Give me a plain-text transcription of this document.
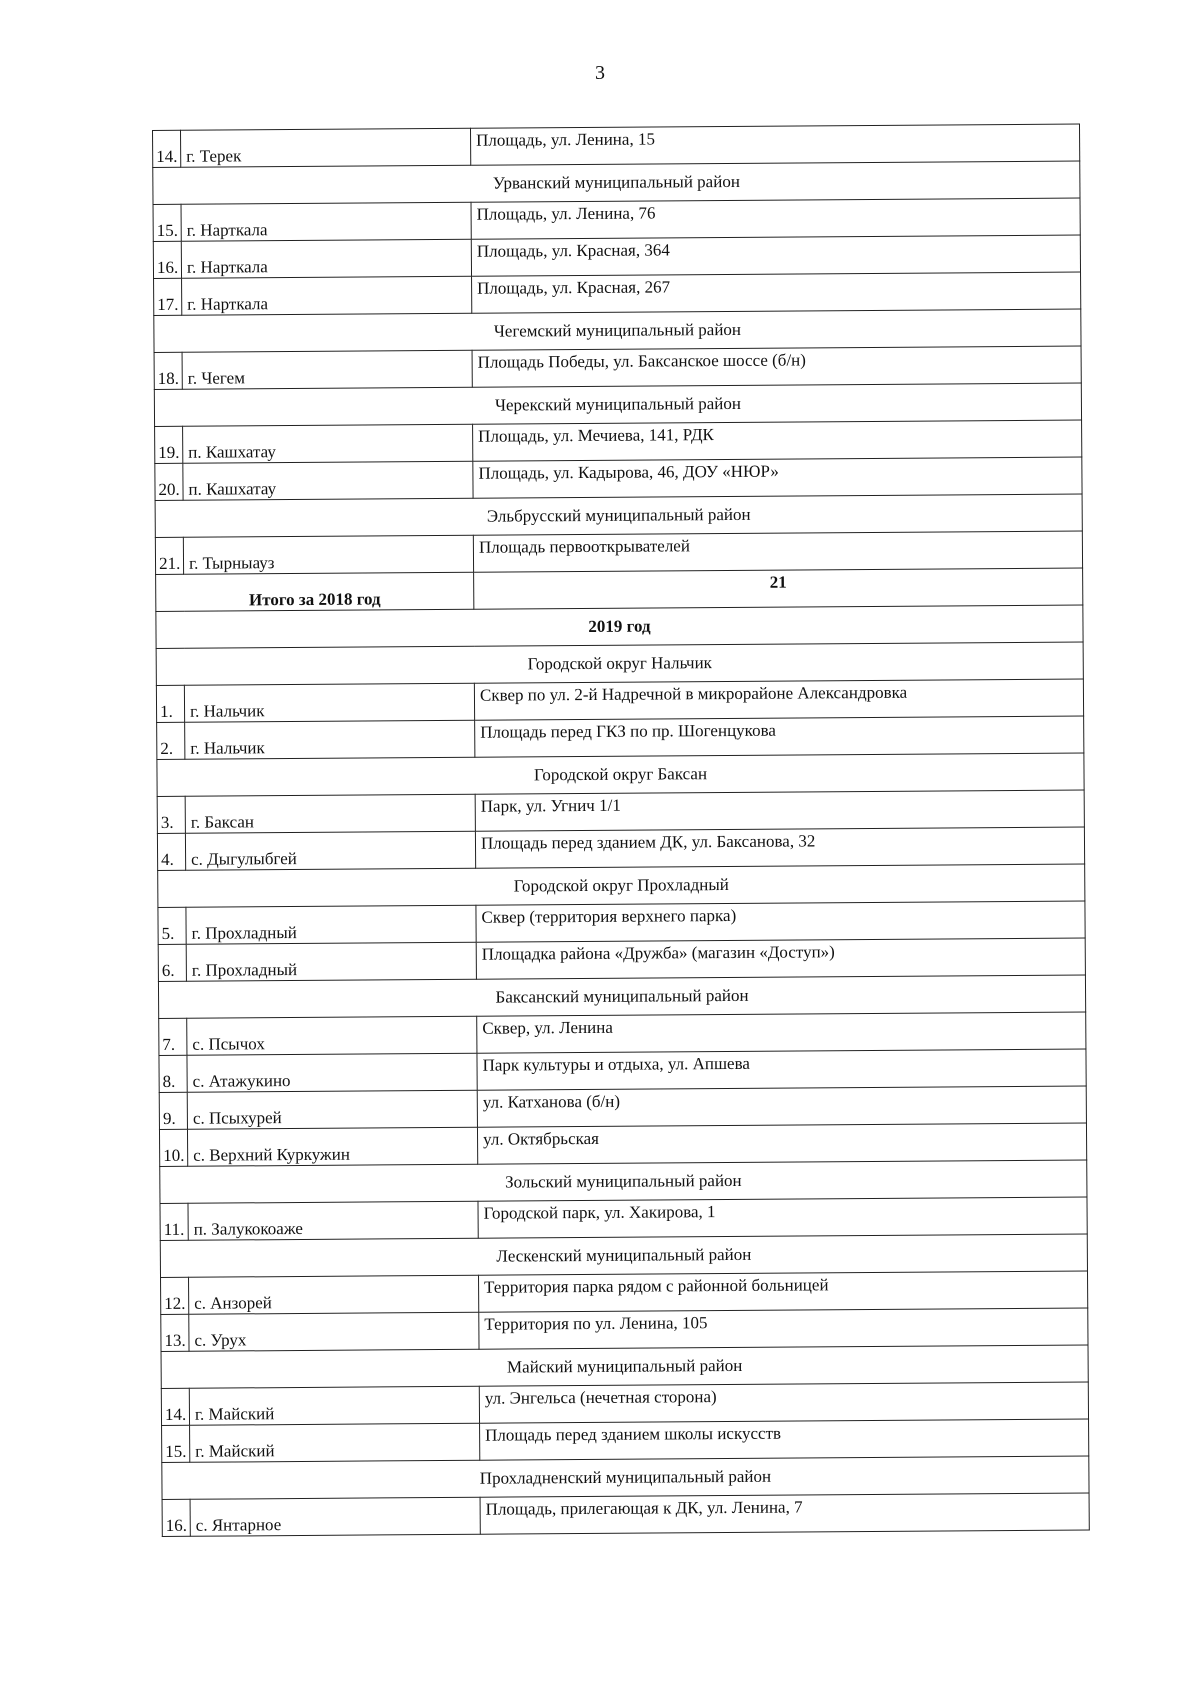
3
14.	г. Терек	Площадь, ул. Ленина, 15
Урванский муниципальный район		
15.	г. Нарткала	Площадь, ул. Ленина, 76
16.	г. Нарткала	Площадь, ул. Красная, 364
17.	г. Нарткала	Площадь, ул. Красная, 267
Чегемский муниципальный район		
18.	г. Чегем	Площадь Победы, ул. Баксанское шоссе (б/н)
Черекский муниципальный район		
19.	п. Кашхатау	Площадь, ул. Мечиева, 141, РДК
20.	п. Кашхатау	Площадь, ул. Кадырова, 46, ДОУ «НЮР»
Эльбрусский муниципальный район		
21.	г. Тырныауз	Площадь первооткрывателей
Итого за 2018 год		21
2019 год		
Городской округ Нальчик		
1.	г. Нальчик	Сквер по ул. 2-й Надречной в микрорайоне Александровка
2.	г. Нальчик	Площадь перед ГКЗ по пр. Шогенцукова
Городской округ Баксан		
3.	г. Баксан	Парк, ул. Угнич 1/1
4.	с. Дыгулыбгей	Площадь перед зданием ДК, ул. Баксанова, 32
Городской округ Прохладный		
5.	г. Прохладный	Сквер (территория верхнего парка)
6.	г. Прохладный	Площадка района «Дружба» (магазин «Доступ»)
Баксанский муниципальный район		
7.	с. Псычох	Сквер, ул. Ленина
8.	с. Атажукино	Парк культуры и отдыха, ул. Апшева
9.	с. Псыхурей	ул. Катханова (б/н)
10.	с. Верхний Куркужин	ул. Октябрьская
Зольский муниципальный район		
11.	п. Залукокоаже	Городской парк, ул. Хакирова, 1
Лескенский муниципальный район		
12.	с. Анзорей	Территория парка рядом с районной больницей
13.	с. Урух	Территория по ул. Ленина, 105
Майский муниципальный район		
14.	г. Майский	ул. Энгельса (нечетная сторона)
15.	г. Майский	Площадь перед зданием школы искусств
Прохладненский муниципальный район		
16.	с. Янтарное	Площадь, прилегающая к ДК, ул. Ленина, 7
